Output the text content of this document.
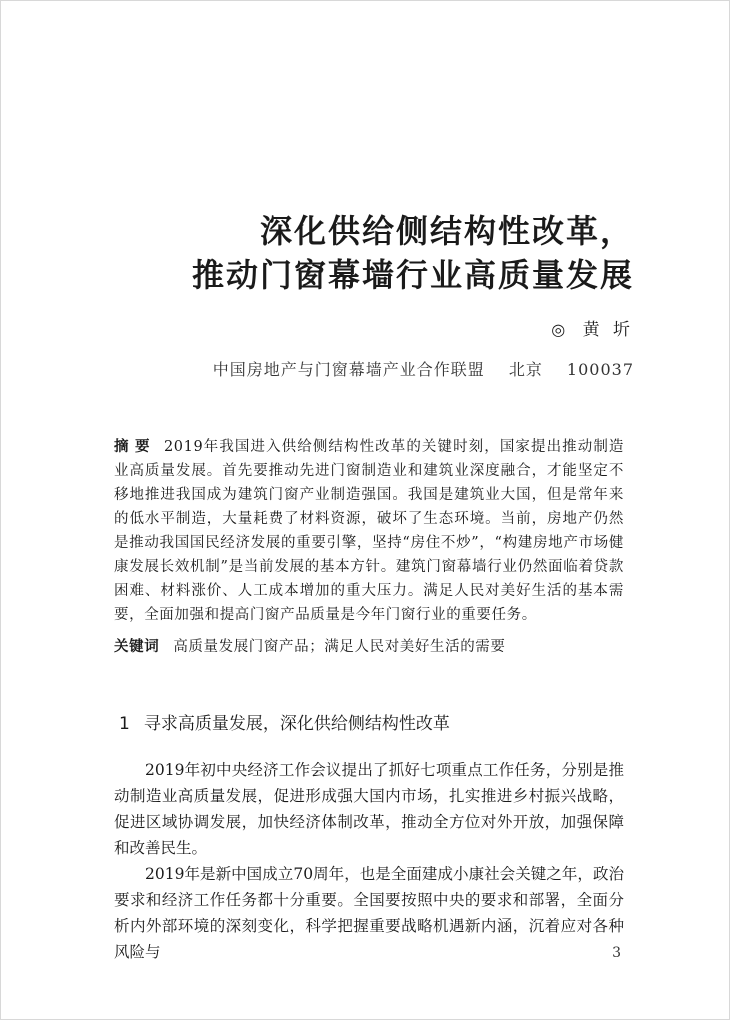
深化供给侧结构性改革，
推动门窗幕墙行业高质量发展
◎ 黄 圻
中国房地产与门窗幕墙产业合作联盟 北京 100037
摘要 2019年我国进入供给侧结构性改革的关键时刻，国家提出推动制造业高质量发展。首先要推动先进门窗制造业和建筑业深度融合，才能坚定不移地推进我国成为建筑门窗产业制造强国。我国是建筑业大国，但是常年来的低水平制造，大量耗费了材料资源，破坏了生态环境。当前，房地产仍然是推动我国国民经济发展的重要引擎，坚持“房住不炒”，“构建房地产市场健康发展长效机制”是当前发展的基本方针。建筑门窗幕墙行业仍然面临着贷款困难、材料涨价、人工成本增加的重大压力。满足人民对美好生活的基本需要，全面加强和提高门窗产品质量是今年门窗行业的重要任务。
关键词 高质量发展门窗产品；满足人民对美好生活的需要
1 寻求高质量发展，深化供给侧结构性改革

2019年初中央经济工作会议提出了抓好七项重点工作任务，分别是推动制造业高质量发展，促进形成强大国内市场，扎实推进乡村振兴战略，促进区域协调发展，加快经济体制改革，推动全方位对外开放，加强保障和改善民生。

2019年是新中国成立70周年，也是全面建成小康社会关键之年，政治要求和经济工作任务都十分重要。全国要按照中央的要求和部署，全面分析内外部环境的深刻变化，科学把握重要战略机遇新内涵，沉着应对各种风险与	3
